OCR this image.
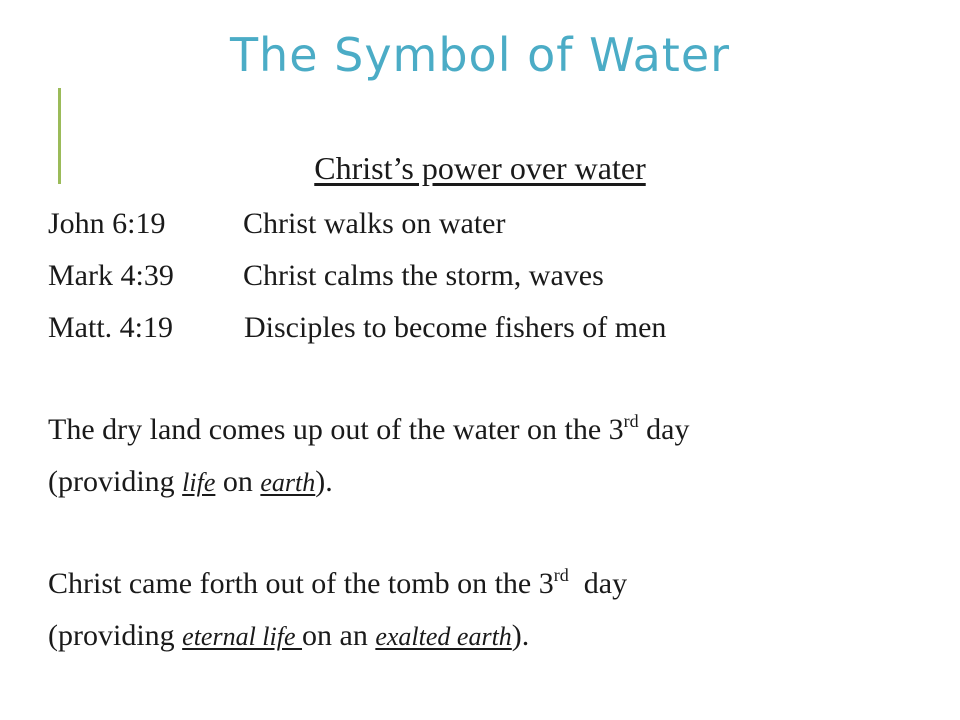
The Symbol of Water
Christ’s power over water
John 6:19	Christ walks on water
Mark 4:39 Christ calms the storm, waves
Matt. 4:19 Disciples to become fishers of men
The dry land comes up out of the water on the 3rd day
(providing life on earth).
Christ came forth out of the tomb on the 3rd  day
(providing eternal life on an exalted earth).
